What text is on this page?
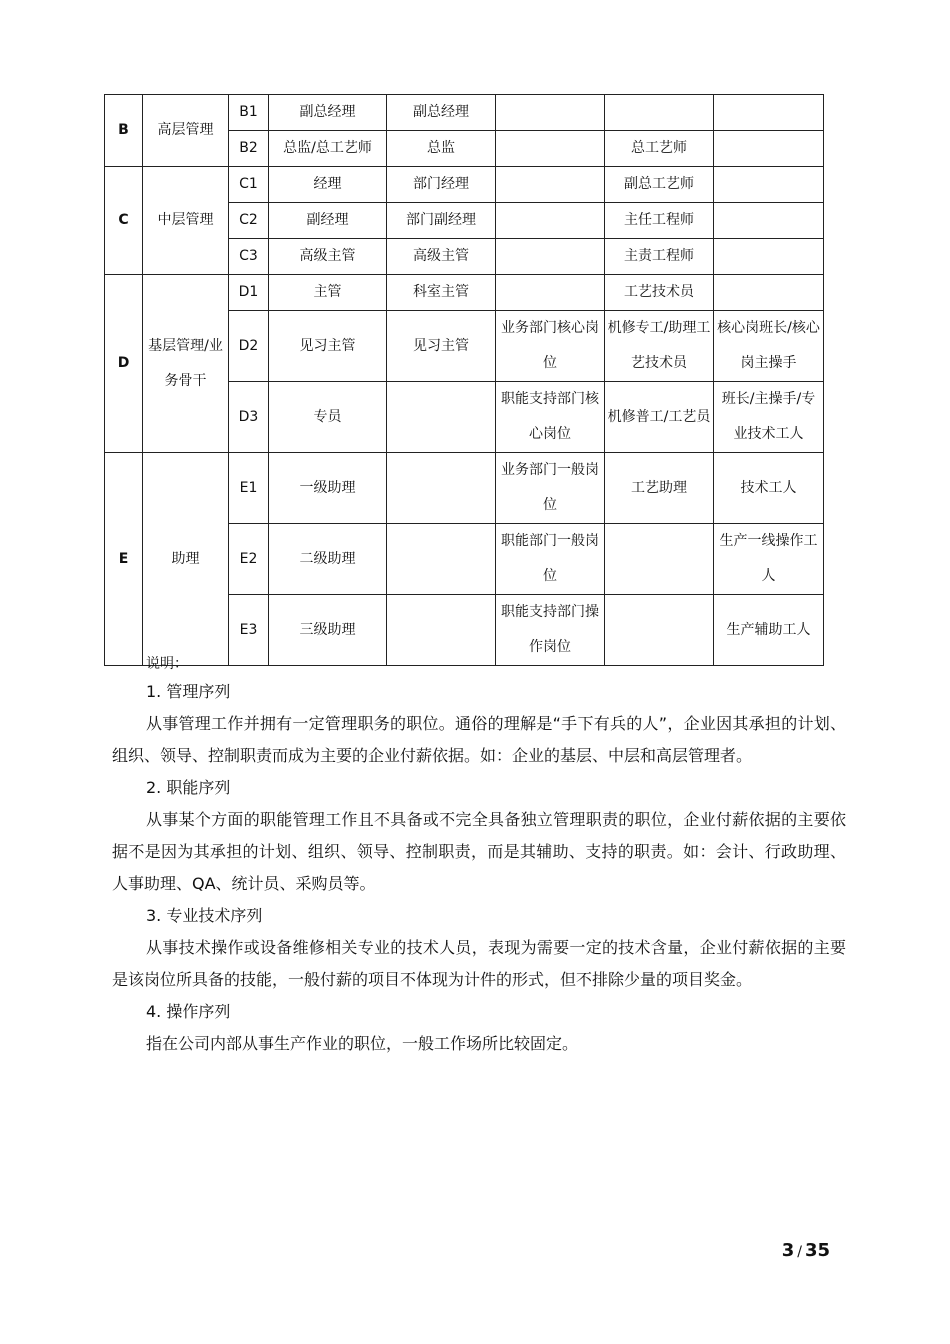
B	高层管理	B1	副总经理	副总经理			
		B2	总监/总工艺师	总监		总工艺师	
C	中层管理	C1	经理	部门经理		副总工艺师	
		C2	副经理	部门副经理		主任工程师	
		C3	高级主管	高级主管		主责工程师	
D	基层管理/业务骨干	D1	主管	科室主管		工艺技术员	
		D2	见习主管	见习主管	业务部门核心岗位	机修专工/助理工艺技术员	核心岗班长/核心岗主操手
		D3	专员		职能支持部门核心岗位	机修普工/工艺员	班长/主操手/专业技术工人
E	助理	E1	一级助理		业务部门一般岗位	工艺助理	技术工人
		E2	二级助理		职能部门一般岗位		生产一线操作工人
		E3	三级助理		职能支持部门操作岗位		生产辅助工人
说明：

1. 管理序列

从事管理工作并拥有一定管理职务的职位。通俗的理解是“手下有兵的人”，企业因其承担的计划、组织、领导、控制职责而成为主要的企业付薪依据。如：企业的基层、中层和高层管理者。

2. 职能序列

从事某个方面的职能管理工作且不具备或不完全具备独立管理职责的职位，企业付薪依据的主要依据不是因为其承担的计划、组织、领导、控制职责，而是其辅助、支持的职责。如：会计、行政助理、人事助理、QA、统计员、采购员等。

3. 专业技术序列

从事技术操作或设备维修相关专业的技术人员，表现为需要一定的技术含量，企业付薪依据的主要是该岗位所具备的技能，一般付薪的项目不体现为计件的形式，但不排除少量的项目奖金。

4. 操作序列

指在公司内部从事生产作业的职位，一般工作场所比较固定。

3 / 35
